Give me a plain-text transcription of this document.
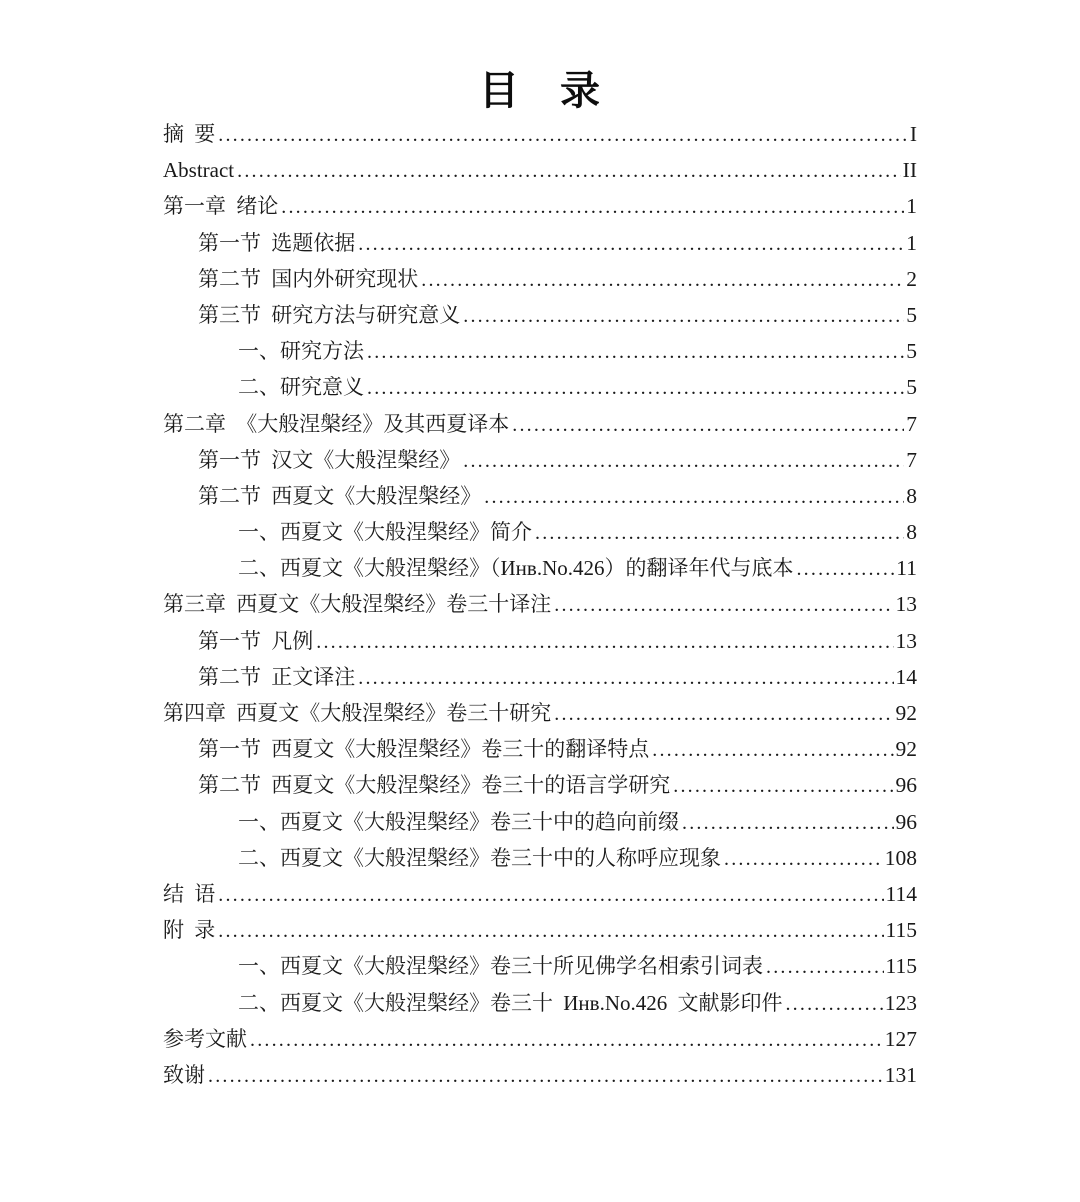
目 录
摘 要 .....	I
Abstract .....	II
第一章 绪论 .....	1
第一节 选题依据 .....	1
第二节 国内外研究现状 .....	2
第三节 研究方法与研究意义 .....	5
一、研究方法 .....	5
二、研究意义 .....	5
第二章 《大般涅槃经》及其西夏译本 .....	7
第一节 汉文《大般涅槃经》 .....	7
第二节 西夏文《大般涅槃经》 .....	8
一、西夏文《大般涅槃经》简介 .....	8
二、西夏文《大般涅槃经》（Инв.No.426）的翻译年代与底本 .....	11
第三章 西夏文《大般涅槃经》卷三十译注 .....	13
第一节 凡例 .....	13
第二节 正文译注 .....	14
第四章 西夏文《大般涅槃经》卷三十研究 .....	92
第一节 西夏文《大般涅槃经》卷三十的翻译特点 .....	92
第二节 西夏文《大般涅槃经》卷三十的语言学研究 .....	96
一、西夏文《大般涅槃经》卷三十中的趋向前缀 .....	96
二、西夏文《大般涅槃经》卷三十中的人称呼应现象 .....	108
结 语 .....	114
附 录 .....	115
一、西夏文《大般涅槃经》卷三十所见佛学名相索引词表 .....	115
二、西夏文《大般涅槃经》卷三十 Инв.No.426 文献影印件 .....	123
参考文献 .....	127
致谢 .....	131
